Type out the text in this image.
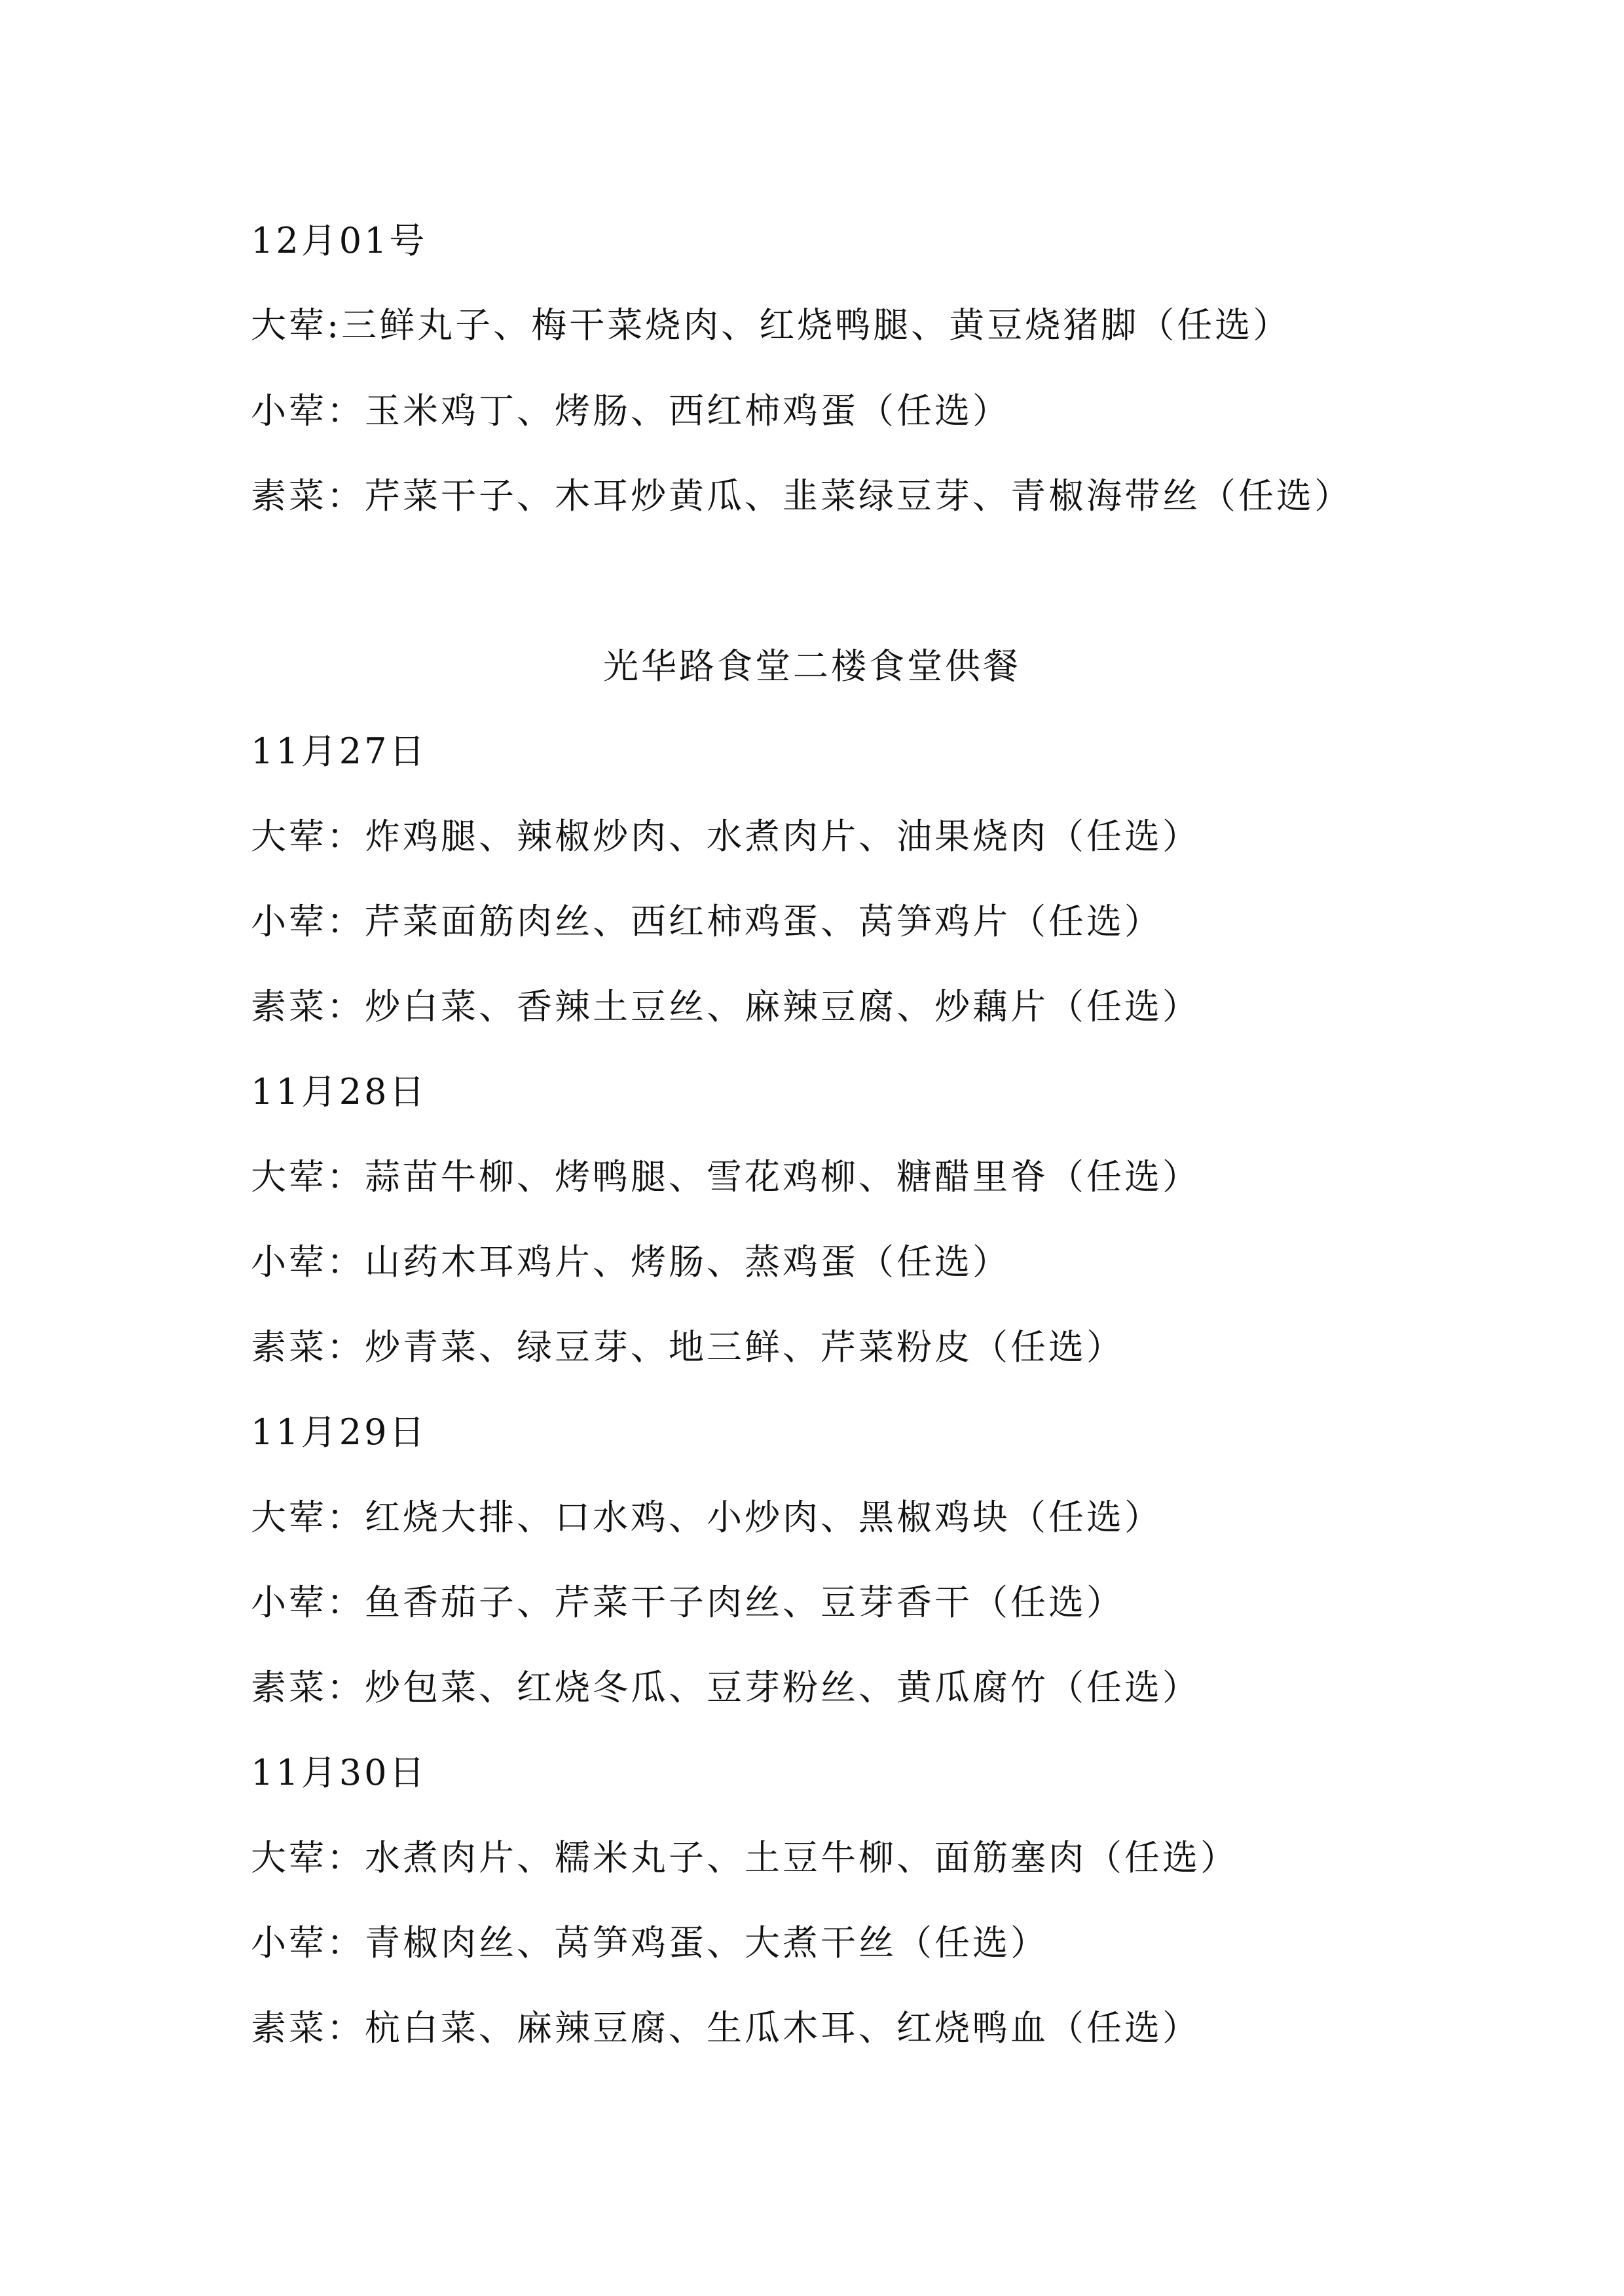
12月01号
大荤:三鲜丸子、梅干菜烧肉、红烧鸭腿、黄豆烧猪脚（任选）
小荤：玉米鸡丁、烤肠、西红柿鸡蛋（任选）
素菜：芹菜干子、木耳炒黄瓜、韭菜绿豆芽、青椒海带丝（任选）
光华路食堂二楼食堂供餐
11月27日
大荤：炸鸡腿、辣椒炒肉、水煮肉片、油果烧肉（任选）
小荤：芹菜面筋肉丝、西红柿鸡蛋、莴笋鸡片（任选）
素菜：炒白菜、香辣土豆丝、麻辣豆腐、炒藕片（任选）
11月28日
大荤：蒜苗牛柳、烤鸭腿、雪花鸡柳、糖醋里脊（任选）
小荤：山药木耳鸡片、烤肠、蒸鸡蛋（任选）
素菜：炒青菜、绿豆芽、地三鲜、芹菜粉皮（任选）
11月29日
大荤：红烧大排、口水鸡、小炒肉、黑椒鸡块（任选）
小荤：鱼香茄子、芹菜干子肉丝、豆芽香干（任选）
素菜：炒包菜、红烧冬瓜、豆芽粉丝、黄瓜腐竹（任选）
11月30日
大荤：水煮肉片、糯米丸子、土豆牛柳、面筋塞肉（任选）
小荤：青椒肉丝、莴笋鸡蛋、大煮干丝（任选）
素菜：杭白菜、麻辣豆腐、生瓜木耳、红烧鸭血（任选）
